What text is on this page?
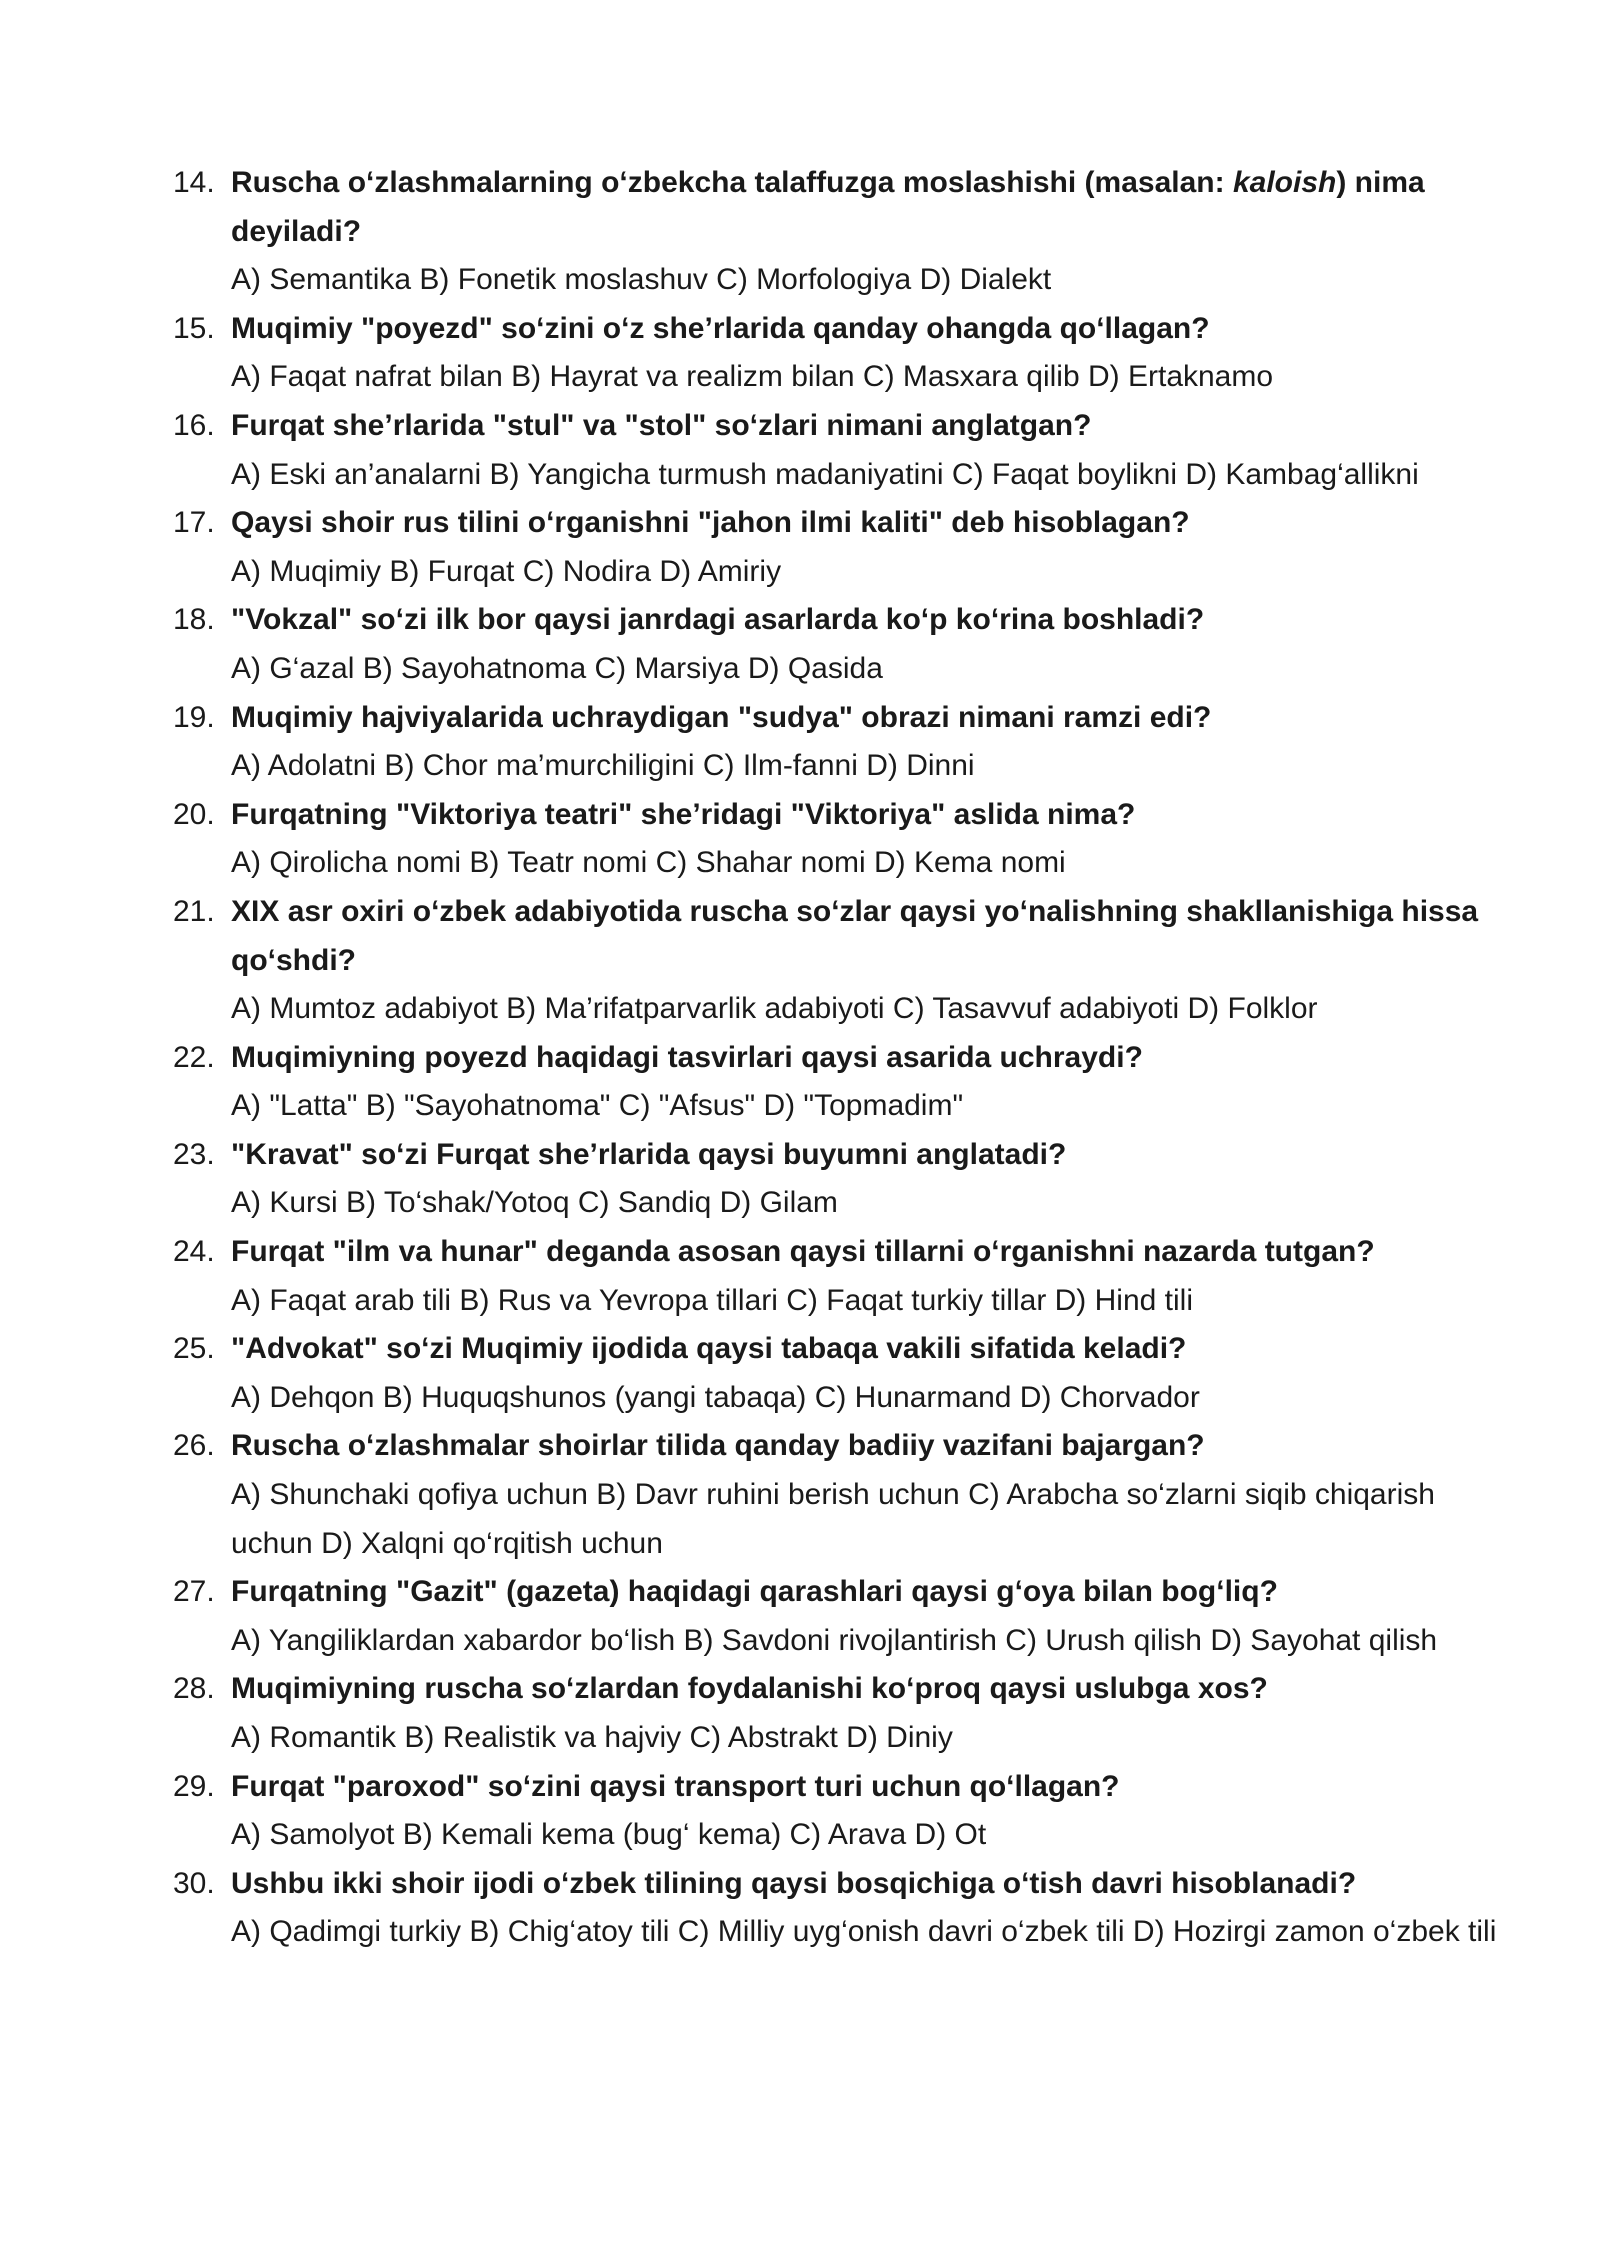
14. Ruscha o‘zlashmalarning o‘zbekcha talaffuzga moslashishi (masalan: kaloish) nima deyiladi?
A) Semantika B) Fonetik moslashuv C) Morfologiya D) Dialekt
15. Muqimiy "poyezd" so‘zini o‘z she’rlarida qanday ohangda qo‘llagan?
A) Faqat nafrat bilan B) Hayrat va realizm bilan C) Masxara qilib D) Ertaknamo
16. Furqat she’rlarida "stul" va "stol" so‘zlari nimani anglatgan?
A) Eski an’analarni B) Yangicha turmush madaniyatini C) Faqat boylikni D) Kambag‘allikni
17. Qaysi shoir rus tilini o‘rganishni "jahon ilmi kaliti" deb hisoblagan?
A) Muqimiy B) Furqat C) Nodira D) Amiriy
18. "Vokzal" so‘zi ilk bor qaysi janrdagi asarlarda ko‘p ko‘rina boshladi?
A) G‘azal B) Sayohatnoma C) Marsiya D) Qasida
19. Muqimiy hajviyalarida uchraydigan "sudya" obrazi nimani ramzi edi?
A) Adolatni B) Chor ma’murchiligini C) Ilm-fanni D) Dinni
20. Furqatning "Viktoriya teatri" she’ridagi "Viktoriya" aslida nima?
A) Qirolicha nomi B) Teatr nomi C) Shahar nomi D) Kema nomi
21. XIX asr oxiri o‘zbek adabiyotida ruscha so‘zlar qaysi yo‘nalishning shakllanishiga hissa qo‘shdi?
A) Mumtoz adabiyot B) Ma’rifatparvarlik adabiyoti C) Tasavvuf adabiyoti D) Folklor
22. Muqimiyning poyezd haqidagi tasvirlari qaysi asarida uchraydi?
A) "Latta" B) "Sayohatnoma" C) "Afsus" D) "Topmadim"
23. "Kravat" so‘zi Furqat she’rlarida qaysi buyumni anglatadi?
A) Kursi B) To‘shak/Yotoq C) Sandiq D) Gilam
24. Furqat "ilm va hunar" deganda asosan qaysi tillarni o‘rganishni nazarda tutgan?
A) Faqat arab tili B) Rus va Yevropa tillari C) Faqat turkiy tillar D) Hind tili
25. "Advokat" so‘zi Muqimiy ijodida qaysi tabaqa vakili sifatida keladi?
A) Dehqon B) Huquqshunos (yangi tabaqa) C) Hunarmand D) Chorvador
26. Ruscha o‘zlashmalar shoirlar tilida qanday badiiy vazifani bajargan?
A) Shunchaki qofiya uchun B) Davr ruhini berish uchun C) Arabcha so‘zlarni siqib chiqarish uchun D) Xalqni qo‘rqitish uchun
27. Furqatning "Gazit" (gazeta) haqidagi qarashlari qaysi g‘oya bilan bog‘liq?
A) Yangiliklardan xabardor bo‘lish B) Savdoni rivojlantirish C) Urush qilish D) Sayohat qilish
28. Muqimiyning ruscha so‘zlardan foydalanishi ko‘proq qaysi uslubga xos?
A) Romantik B) Realistik va hajviy C) Abstrakt D) Diniy
29. Furqat "paroxod" so‘zini qaysi transport turi uchun qo‘llagan?
A) Samolyot B) Kemali kema (bug‘ kema) C) Arava D) Ot
30. Ushbu ikki shoir ijodi o‘zbek tilining qaysi bosqichiga o‘tish davri hisoblanadi?
A) Qadimgi turkiy B) Chig‘atoy tili C) Milliy uyg‘onish davri o‘zbek tili D) Hozirgi zamon o‘zbek tili
